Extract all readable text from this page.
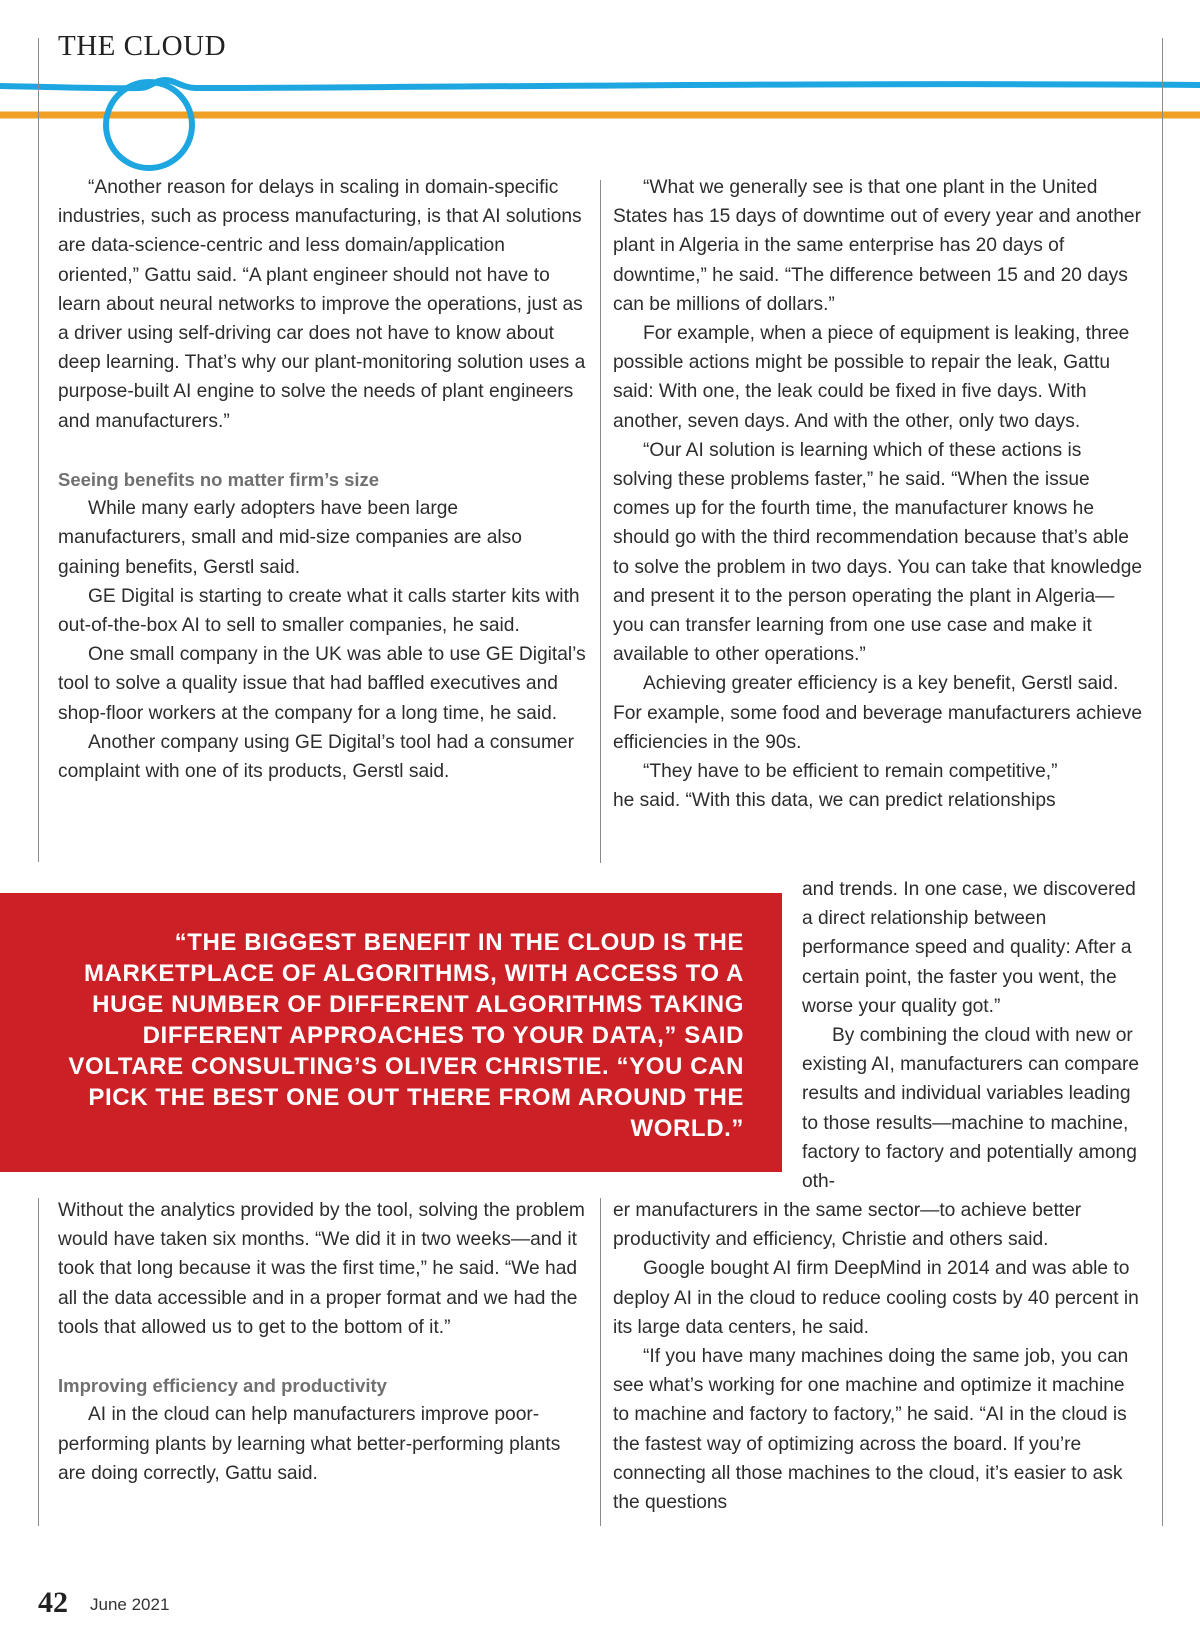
THE CLOUD

“Another reason for delays in scaling in domain-specific industries, such as process manufacturing, is that AI solutions are data-science-centric and less domain/application oriented,” Gattu said. “A plant engineer should not have to learn about neural networks to improve the operations, just as a driver using self-driving car does not have to know about deep learning. That’s why our plant-monitoring solution uses a purpose-built AI engine to solve the needs of plant engineers and manufacturers.”

Seeing benefits no matter firm’s size

While many early adopters have been large manufacturers, small and mid-size companies are also gaining benefits, Gerstl said.

GE Digital is starting to create what it calls starter kits with out-of-the-box AI to sell to smaller companies, he said.

One small company in the UK was able to use GE Digital’s tool to solve a quality issue that had baffled executives and shop-floor workers at the company for a long time, he said.

Another company using GE Digital’s tool had a consumer complaint with one of its products, Gerstl said.

“What we generally see is that one plant in the United States has 15 days of downtime out of every year and another plant in Algeria in the same enterprise has 20 days of downtime,” he said. “The difference between 15 and 20 days can be millions of dollars.”

For example, when a piece of equipment is leaking, three possible actions might be possible to repair the leak, Gattu said: With one, the leak could be fixed in five days. With another, seven days. And with the other, only two days.

“Our AI solution is learning which of these actions is solving these problems faster,” he said. “When the issue comes up for the fourth time, the manufacturer knows he should go with the third recommendation because that’s able to solve the problem in two days. You can take that knowledge and present it to the person operating the plant in Algeria—you can transfer learning from one use case and make it available to other operations.”

Achieving greater efficiency is a key benefit, Gerstl said. For example, some food and beverage manufacturers achieve efficiencies in the 90s.

“They have to be efficient to remain competitive,”

he said. “With this data, we can predict relationships

“THE BIGGEST BENEFIT IN THE CLOUD IS THE MARKETPLACE OF ALGORITHMS, WITH ACCESS TO A HUGE NUMBER OF DIFFERENT ALGORITHMS TAKING DIFFERENT APPROACHES TO YOUR DATA,” SAID VOLTARE CONSULTING’S OLIVER CHRISTIE. “YOU CAN PICK THE BEST ONE OUT THERE FROM AROUND THE WORLD.”

and trends. In one case, we discovered a direct relationship between performance speed and quality: After a certain point, the faster you went, the worse your quality got.”

By combining the cloud with new or existing AI, manufacturers can compare results and individual variables leading to those results—machine to machine, factory to factory and potentially among oth-

Without the analytics provided by the tool, solving the problem would have taken six months. “We did it in two weeks—and it took that long because it was the first time,” he said. “We had all the data accessible and in a proper format and we had the tools that allowed us to get to the bottom of it.”

Improving efficiency and productivity

AI in the cloud can help manufacturers improve poor-performing plants by learning what better-performing plants are doing correctly, Gattu said.

er manufacturers in the same sector—to achieve better productivity and efficiency, Christie and others said.

Google bought AI firm DeepMind in 2014 and was able to deploy AI in the cloud to reduce cooling costs by 40 percent in its large data centers, he said.

“If you have many machines doing the same job, you can see what’s working for one machine and optimize it machine to machine and factory to factory,” he said. “AI in the cloud is the fastest way of optimizing across the board. If you’re connecting all those machines to the cloud, it’s easier to ask the questions

42 June 2021
